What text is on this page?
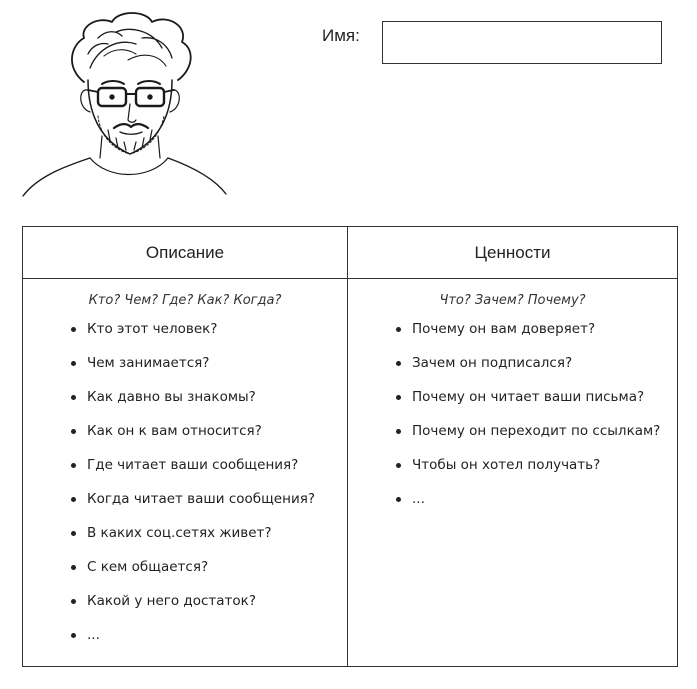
Имя:
Описание
Кто? Чем? Где? Как? Когда?
Кто этот человек?
Чем занимается?
Как давно вы знакомы?
Как он к вам относится?
Где читает ваши сообщения?
Когда читает ваши сообщения?
В каких соц.сетях живет?
С кем общается?
Какой у него достаток?
...
Ценности
Что? Зачем? Почему?
Почему он вам доверяет?
Зачем он подписался?
Почему он читает ваши письма?
Почему он переходит по ссылкам?
Чтобы он хотел получать?
...
